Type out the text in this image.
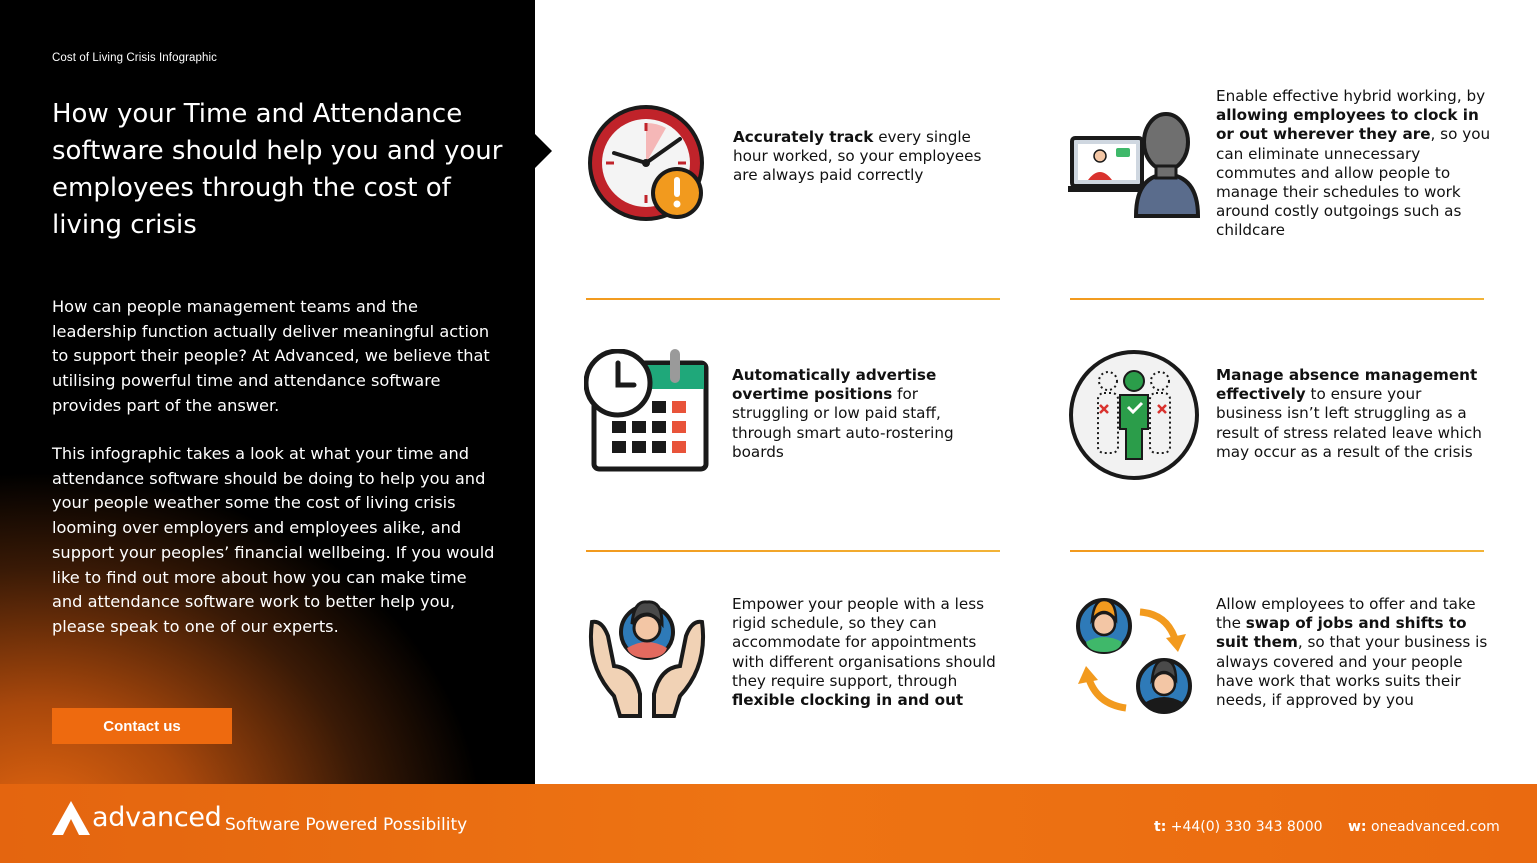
Cost of Living Crisis Infographic
How your Time and Attendance software should help you and your employees through the cost of living crisis

How can people management teams and the leadership function actually deliver meaningful action to support their people? At Advanced, we believe that utilising powerful time and attendance software provides part of the answer.

This infographic takes a look at what your time and attendance software should be doing to help you and your people weather some the cost of living crisis looming over employers and employees alike, and support your peoples’ financial wellbeing. If you would like to find out more about how you can make time and attendance software work to better help you, please speak to one of our experts.

Contact us

Accurately track every single hour worked, so your employees are always paid correctly

Enable effective hybrid working, by allowing employees to clock in or out wherever they are, so you can eliminate unnecessary commutes and allow people to manage their schedules to work around costly outgoings such as childcare

Automatically advertise overtime positions for struggling or low paid staff, through smart auto-rostering boards

Manage absence management effectively to ensure your business isn’t left struggling as a result of stress related leave which may occur as a result of the crisis

Empower your people with a less rigid schedule, so they can accommodate for appointments with different organisations should they require support, through flexible clocking in and out

Allow employees to offer and take the swap of jobs and shifts to suit them, so that your business is always covered and your people have work that works suits their needs, if approved by you

advanced Software Powered Possibility	t: +44(0) 330 343 8000 w: oneadvanced.com
